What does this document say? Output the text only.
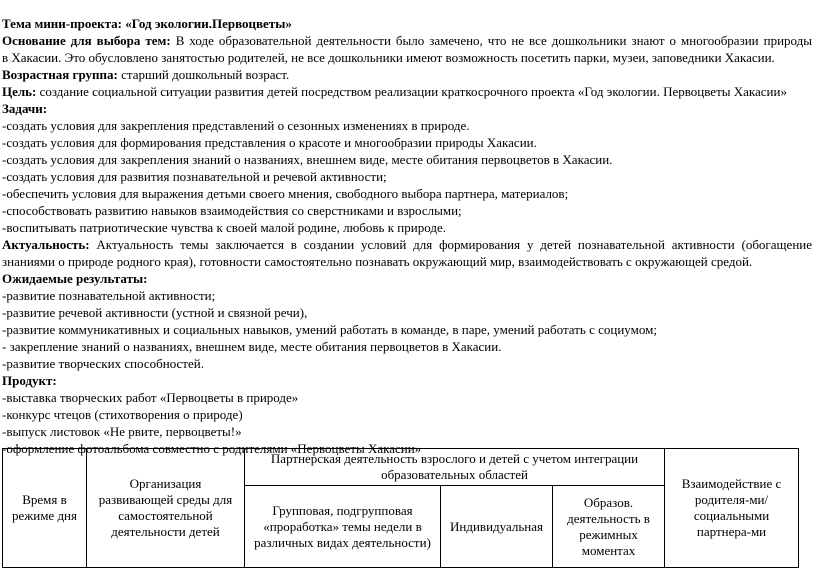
Тема мини-проекта: «Год экологии.Первоцветы»
Основание для выбора тем: В ходе образовательной деятельности было замечено, что не все дошкольники знают о многообразии природы
в Хакасии. Это обусловлено занятостью родителей, не все дошкольники имеют возможность посетить парки, музеи, заповедники Хакасии.
Возрастная группа: старший дошкольный возраст.
Цель: создание социальной ситуации развития детей посредством реализации краткосрочного проекта «Год экологии. Первоцветы Хакасии»
Задачи:
-создать условия для закрепления представлений о сезонных изменениях в природе.
-создать условия для формирования представления о красоте и многообразии природы Хакасии.
-создать условия для закрепления знаний о названиях, внешнем виде, месте обитания первоцветов в Хакасии.
-создать условия для развития познавательной и речевой активности;
-обеспечить условия для выражения детьми своего мнения, свободного выбора партнера, материалов;
-способствовать развитию навыков взаимодействия со сверстниками и взрослыми;
-воспитывать патриотические чувства к своей малой родине, любовь к природе.
Актуальность: Актуальность темы заключается в создании условий для формирования у детей познавательной активности (обогащение
знаниями о природе родного края), готовности самостоятельно познавать окружающий мир, взаимодействовать с окружающей средой.
Ожидаемые результаты:
-развитие познавательной активности;
-развитие речевой активности (устной и связной речи),
-развитие коммуникативных и социальных навыков, умений работать в команде, в паре, умений работать с социумом;
- закрепление знаний о названиях, внешнем виде, месте обитания первоцветов в Хакасии.
-развитие творческих способностей.
Продукт:
-выставка творческих работ «Первоцветы в природе»
-конкурс чтецов (стихотворения о природе)
-выпуск листовок «Не рвите, первоцветы!»
-оформление фотоальбома совместно с родителями «Первоцветы Хакасии»
Время в режиме дня	Организация развивающей среды для самостоятельной деятельности детей	Партнерская деятельность взрослого и детей с учетом интеграции образовательных областей			Взаимодействие с родителя-ми/ социальными партнера-ми
		Групповая, подгрупповая «проработка» темы недели в различных видах деятельности)	Индивидуальная	Образов. деятельность в режимных моментах	
